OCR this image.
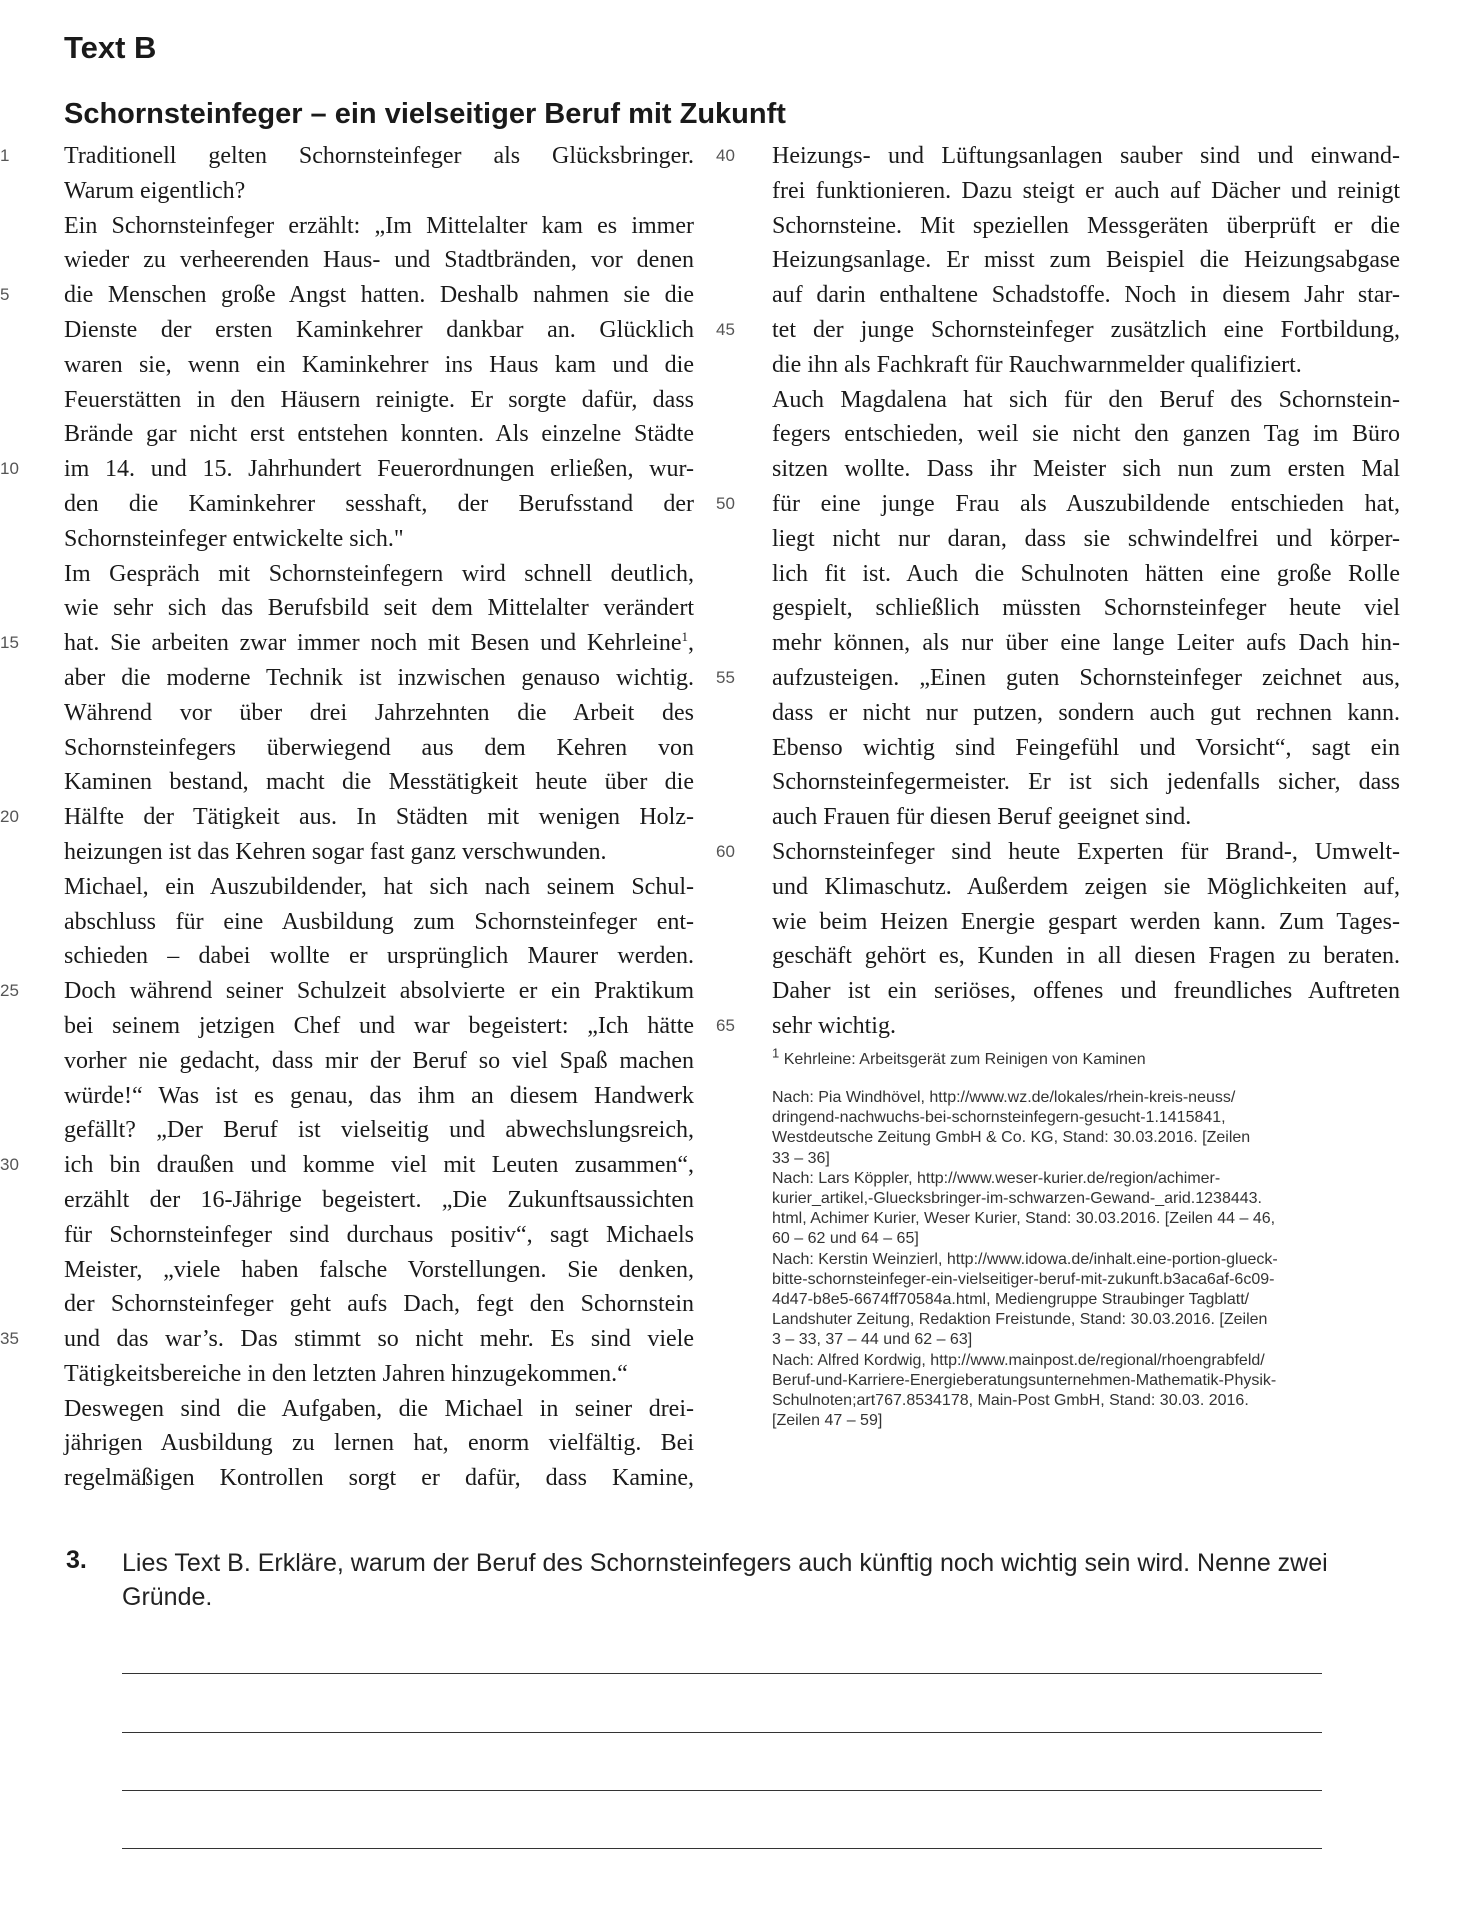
Text B
Schornsteinfeger – ein vielseitiger Beruf mit Zukunft
1	Traditionell gelten Schornsteinfeger als Glücksbringer.
Warum eigentlich?
Ein Schornsteinfeger erzählt: „Im Mittelalter kam es immer
wieder zu verheerenden Haus- und Stadtbränden, vor denen
5	die Menschen große Angst hatten. Deshalb nahmen sie die
Dienste der ersten Kaminkehrer dankbar an. Glücklich
waren sie, wenn ein Kaminkehrer ins Haus kam und die
Feuerstätten in den Häusern reinigte. Er sorgte dafür, dass
Brände gar nicht erst entstehen konnten. Als einzelne Städte
10	im 14. und 15. Jahrhundert Feuerordnungen erließen, wur-
den die Kaminkehrer sesshaft, der Berufsstand der
Schornsteinfeger entwickelte sich."
Im Gespräch mit Schornsteinfegern wird schnell deutlich,
wie sehr sich das Berufsbild seit dem Mittelalter verändert
15	hat. Sie arbeiten zwar immer noch mit Besen und Kehrleine$^1$,
aber die moderne Technik ist inzwischen genauso wichtig.
Während vor über drei Jahrzehnten die Arbeit des
Schornsteinfegers überwiegend aus dem Kehren von
Kaminen bestand, macht die Messtätigkeit heute über die
20	Hälfte der Tätigkeit aus. In Städten mit wenigen Holz-
heizungen ist das Kehren sogar fast ganz verschwunden.
Michael, ein Auszubildender, hat sich nach seinem Schul-
abschluss für eine Ausbildung zum Schornsteinfeger ent-
schieden – dabei wollte er ursprünglich Maurer werden.
25	Doch während seiner Schulzeit absolvierte er ein Praktikum
bei seinem jetzigen Chef und war begeistert: „Ich hätte
vorher nie gedacht, dass mir der Beruf so viel Spaß machen
würde!“ Was ist es genau, das ihm an diesem Handwerk
gefällt? „Der Beruf ist vielseitig und abwechslungsreich,
30	ich bin draußen und komme viel mit Leuten zusammen“,
erzählt der 16-Jährige begeistert. „Die Zukunftsaussichten
für Schornsteinfeger sind durchaus positiv“, sagt Michaels
Meister, „viele haben falsche Vorstellungen. Sie denken,
der Schornsteinfeger geht aufs Dach, fegt den Schornstein
35	und das war’s. Das stimmt so nicht mehr. Es sind viele
Tätigkeitsbereiche in den letzten Jahren hinzugekommen.“
Deswegen sind die Aufgaben, die Michael in seiner drei-
jährigen Ausbildung zu lernen hat, enorm vielfältig. Bei
regelmäßigen Kontrollen sorgt er dafür, dass Kamine,
40	Heizungs- und Lüftungsanlagen sauber sind und einwand-
frei funktionieren. Dazu steigt er auch auf Dächer und reinigt
Schornsteine. Mit speziellen Messgeräten überprüft er die
Heizungsanlage. Er misst zum Beispiel die Heizungsabgase
auf darin enthaltene Schadstoffe. Noch in diesem Jahr star-
45	tet der junge Schornsteinfeger zusätzlich eine Fortbildung,
die ihn als Fachkraft für Rauchwarnmelder qualifiziert.
Auch Magdalena hat sich für den Beruf des Schornstein-
fegers entschieden, weil sie nicht den ganzen Tag im Büro
sitzen wollte. Dass ihr Meister sich nun zum ersten Mal
50	für eine junge Frau als Auszubildende entschieden hat,
liegt nicht nur daran, dass sie schwindelfrei und körper-
lich fit ist. Auch die Schulnoten hätten eine große Rolle
gespielt, schließlich müssten Schornsteinfeger heute viel
mehr können, als nur über eine lange Leiter aufs Dach hin-
55	aufzusteigen. „Einen guten Schornsteinfeger zeichnet aus,
dass er nicht nur putzen, sondern auch gut rechnen kann.
Ebenso wichtig sind Feingefühl und Vorsicht“, sagt ein
Schornsteinfegermeister. Er ist sich jedenfalls sicher, dass
auch Frauen für diesen Beruf geeignet sind.
60	Schornsteinfeger sind heute Experten für Brand-, Umwelt-
und Klimaschutz. Außerdem zeigen sie Möglichkeiten auf,
wie beim Heizen Energie gespart werden kann. Zum Tages-
geschäft gehört es, Kunden in all diesen Fragen zu beraten.
Daher ist ein seriöses, offenes und freundliches Auftreten
65	sehr wichtig.
$^1$ Kehrleine: Arbeitsgerät zum Reinigen von Kaminen
Nach: Pia Windhövel, http://www.wz.de/lokales/rhein-kreis-neuss/
dringend-nachwuchs-bei-schornsteinfegern-gesucht-1.1415841,
Westdeutsche Zeitung GmbH & Co. KG, Stand: 30.03.2016. [Zeilen
33 – 36]
Nach: Lars Köppler, http://www.weser-kurier.de/region/achimer-
kurier_artikel,-Gluecksbringer-im-schwarzen-Gewand-_arid.1238443.
html, Achimer Kurier, Weser Kurier, Stand: 30.03.2016. [Zeilen 44 – 46,
60 – 62 und 64 – 65]
Nach: Kerstin Weinzierl, http://www.idowa.de/inhalt.eine-portion-glueck-
bitte-schornsteinfeger-ein-vielseitiger-beruf-mit-zukunft.b3aca6af-6c09-
4d47-b8e5-6674ff70584a.html, Mediengruppe Straubinger Tagblatt/
Landshuter Zeitung, Redaktion Freistunde, Stand: 30.03.2016. [Zeilen
3 – 33, 37 – 44 und 62 – 63]
Nach: Alfred Kordwig, http://www.mainpost.de/regional/rhoengrabfeld/
Beruf-und-Karriere-Energieberatungsunternehmen-Mathematik-Physik-
Schulnoten;art767.8534178, Main-Post GmbH, Stand: 30.03. 2016.
[Zeilen 47 – 59]
3. Lies Text B. Erkläre, warum der Beruf des Schornsteinfegers auch künftig noch wichtig sein wird. Nenne zwei Gründe.
